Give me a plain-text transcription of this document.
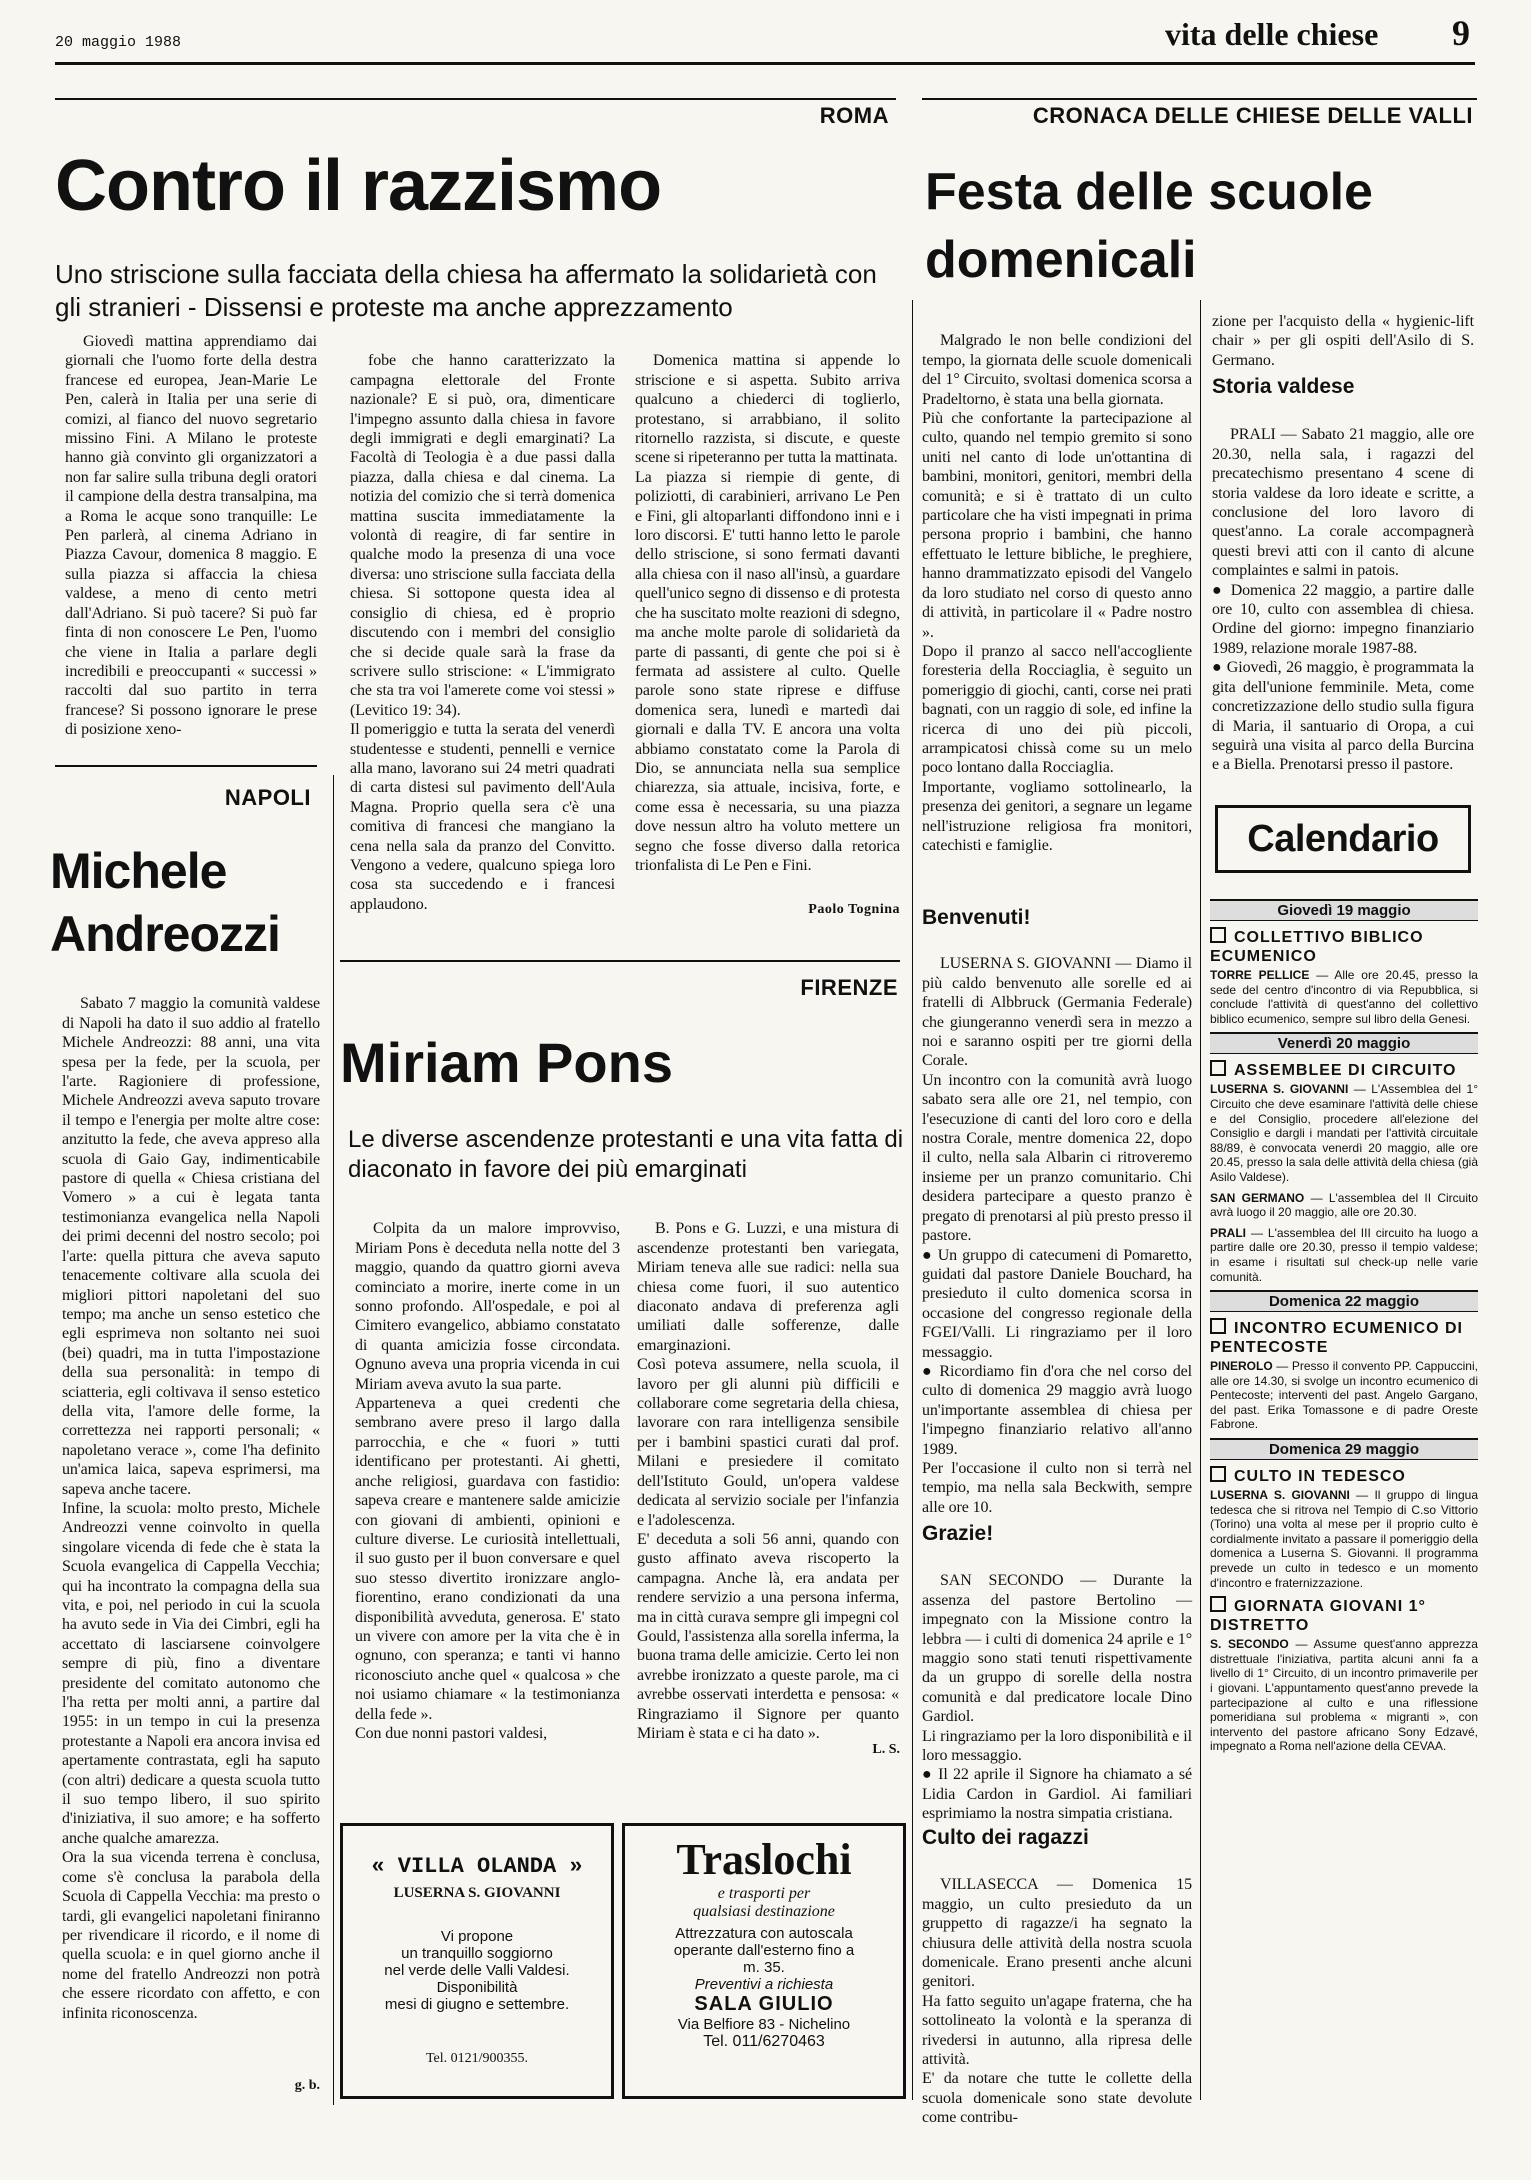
20 maggio 1988	vita delle chiese 9
ROMA
Contro il razzismo
Uno striscione sulla facciata della chiesa ha affermato la solidarietà con gli stranieri - Dissensi e proteste ma anche apprezzamento

Giovedì mattina apprendiamo dai giornali che l'uomo forte della destra francese ed europea, Jean-Marie Le Pen, calerà in Italia per una serie di comizi, al fianco del nuovo segretario missino Fini. A Milano le proteste hanno già convinto gli organizzatori a non far salire sulla tribuna degli oratori il campione della destra transalpina, ma a Roma le acque sono tranquille: Le Pen parlerà, al cinema Adriano in Piazza Cavour, domenica 8 maggio. E sulla piazza si affaccia la chiesa valdese, a meno di cento metri dall'Adriano. Si può tacere? Si può far finta di non conoscere Le Pen, l'uomo che viene in Italia a parlare degli incredibili e preoccupanti « successi » raccolti dal suo partito in terra francese? Si possono ignorare le prese di posizione xeno-

fobe che hanno caratterizzato la campagna elettorale del Fronte nazionale? E si può, ora, dimenticare l'impegno assunto dalla chiesa in favore degli immigrati e degli emarginati? La Facoltà di Teologia è a due passi dalla piazza, dalla chiesa e dal cinema. La notizia del comizio che si terrà domenica mattina suscita immediatamente la volontà di reagire, di far sentire in qualche modo la presenza di una voce diversa: uno striscione sulla facciata della chiesa. Si sottopone questa idea al consiglio di chiesa, ed è proprio discutendo con i membri del consiglio che si decide quale sarà la frase da scrivere sullo striscione: « L'immigrato che sta tra voi l'amerete come voi stessi » (Levitico 19: 34).
Il pomeriggio e tutta la serata del venerdì studentesse e studenti, pennelli e vernice alla mano, lavorano sui 24 metri quadrati di carta distesi sul pavimento dell'Aula Magna. Proprio quella sera c'è una comitiva di francesi che mangiano la cena nella sala da pranzo del Convitto. Vengono a vedere, qualcuno spiega loro cosa sta succedendo e i francesi applaudono.

Domenica mattina si appende lo striscione e si aspetta. Subito arriva qualcuno a chiederci di toglierlo, protestano, si arrabbiano, il solito ritornello razzista, si discute, e queste scene si ripeteranno per tutta la mattinata.
La piazza si riempie di gente, di poliziotti, di carabinieri, arrivano Le Pen e Fini, gli altoparlanti diffondono inni e i loro discorsi. E' tutti hanno letto le parole dello striscione, si sono fermati davanti alla chiesa con il naso all'insù, a guardare quell'unico segno di dissenso e di protesta che ha suscitato molte reazioni di sdegno, ma anche molte parole di solidarietà da parte di passanti, di gente che poi si è fermata ad assistere al culto. Quelle parole sono state riprese e diffuse domenica sera, lunedì e martedì dai giornali e dalla TV. E ancora una volta abbiamo constatato come la Parola di Dio, se annunciata nella sua semplice chiarezza, sia attuale, incisiva, forte, e come essa è necessaria, su una piazza dove nessun altro ha voluto mettere un segno che fosse diverso dalla retorica trionfalista di Le Pen e Fini.

Paolo Tognina
NAPOLI
Michele Andreozzi

Sabato 7 maggio la comunità valdese di Napoli ha dato il suo addio al fratello Michele Andreozzi: 88 anni, una vita spesa per la fede, per la scuola, per l'arte. Ragioniere di professione, Michele Andreozzi aveva saputo trovare il tempo e l'energia per molte altre cose: anzitutto la fede, che aveva appreso alla scuola di Gaio Gay, indimenticabile pastore di quella « Chiesa cristiana del Vomero » a cui è legata tanta testimonianza evangelica nella Napoli dei primi decenni del nostro secolo; poi l'arte: quella pittura che aveva saputo tenacemente coltivare alla scuola dei migliori pittori napoletani del suo tempo; ma anche un senso estetico che egli esprimeva non soltanto nei suoi (bei) quadri, ma in tutta l'impostazione della sua personalità: in tempo di sciatteria, egli coltivava il senso estetico della vita, l'amore delle forme, la correttezza nei rapporti personali; « napoletano verace », come l'ha definito un'amica laica, sapeva esprimersi, ma sapeva anche tacere.
Infine, la scuola: molto presto, Michele Andreozzi venne coinvolto in quella singolare vicenda di fede che è stata la Scuola evangelica di Cappella Vecchia; qui ha incontrato la compagna della sua vita, e poi, nel periodo in cui la scuola ha avuto sede in Via dei Cimbri, egli ha accettato di lasciarsene coinvolgere sempre di più, fino a diventare presidente del comitato autonomo che l'ha retta per molti anni, a partire dal 1955: in un tempo in cui la presenza protestante a Napoli era ancora invisa ed apertamente contrastata, egli ha saputo (con altri) dedicare a questa scuola tutto il suo tempo libero, il suo spirito d'iniziativa, il suo amore; e ha sofferto anche qualche amarezza.
Ora la sua vicenda terrena è conclusa, come s'è conclusa la parabola della Scuola di Cappella Vecchia: ma presto o tardi, gli evangelici napoletani finiranno per rivendicare il ricordo, e il nome di quella scuola: e in quel giorno anche il nome del fratello Andreozzi non potrà che essere ricordato con affetto, e con infinita riconoscenza.

g. b.
FIRENZE
Miriam Pons
Le diverse ascendenze protestanti e una vita fatta di diaconato in favore dei più emarginati

Colpita da un malore improvviso, Miriam Pons è deceduta nella notte del 3 maggio, quando da quattro giorni aveva cominciato a morire, inerte come in un sonno profondo. All'ospedale, e poi al Cimitero evangelico, abbiamo constatato di quanta amicizia fosse circondata. Ognuno aveva una propria vicenda in cui Miriam aveva avuto la sua parte.
Apparteneva a quei credenti che sembrano avere preso il largo dalla parrocchia, e che « fuori » tutti identificano per protestanti. Ai ghetti, anche religiosi, guardava con fastidio: sapeva creare e mantenere salde amicizie con giovani di ambienti, opinioni e culture diverse. Le curiosità intellettuali, il suo gusto per il buon conversare e quel suo stesso divertito ironizzare anglo-fiorentino, erano condizionati da una disponibilità avveduta, generosa. E' stato un vivere con amore per la vita che è in ognuno, con speranza; e tanti vi hanno riconosciuto anche quel « qualcosa » che noi usiamo chiamare « la testimonianza della fede ».
Con due nonni pastori valdesi,

B. Pons e G. Luzzi, e una mistura di ascendenze protestanti ben variegata, Miriam teneva alle sue radici: nella sua chiesa come fuori, il suo autentico diaconato andava di preferenza agli umiliati dalle sofferenze, dalle emarginazioni.
Così poteva assumere, nella scuola, il lavoro per gli alunni più difficili e collaborare come segretaria della chiesa, lavorare con rara intelligenza sensibile per i bambini spastici curati dal prof. Milani e presiedere il comitato dell'Istituto Gould, un'opera valdese dedicata al servizio sociale per l'infanzia e l'adolescenza.
E' deceduta a soli 56 anni, quando con gusto affinato aveva riscoperto la campagna. Anche là, era andata per rendere servizio a una persona inferma, ma in città curava sempre gli impegni col Gould, l'assistenza alla sorella inferma, la buona trama delle amicizie. Certo lei non avrebbe ironizzato a queste parole, ma ci avrebbe osservati interdetta e pensosa: « Ringraziamo il Signore per quanto Miriam è stata e ci ha dato ».

L. S.
« VILLA OLANDA »
LUSERNA S. GIOVANNI
Vi propone
un tranquillo soggiorno
nel verde delle Valli Valdesi.
Disponibilità
mesi di giugno e settembre.
Tel. 0121/900355.
Traslochi
e trasporti per
qualsiasi destinazione
Attrezzatura con autoscala
operante dall'esterno fino a
m. 35.
Preventivi a richiesta
SALA GIULIO
Via Belfiore 83 - Nichelino
Tel. 011/6270463
CRONACA DELLE CHIESE DELLE VALLI
Festa delle scuole domenicali

Malgrado le non belle condizioni del tempo, la giornata delle scuole domenicali del 1° Circuito, svoltasi domenica scorsa a Pradeltorno, è stata una bella giornata.
Più che confortante la partecipazione al culto, quando nel tempio gremito si sono uniti nel canto di lode un'ottantina di bambini, monitori, genitori, membri della comunità; e si è trattato di un culto particolare che ha visti impegnati in prima persona proprio i bambini, che hanno effettuato le letture bibliche, le preghiere, hanno drammatizzato episodi del Vangelo da loro studiato nel corso di questo anno di attività, in particolare il « Padre nostro ».
Dopo il pranzo al sacco nell'accogliente foresteria della Rocciaglia, è seguito un pomeriggio di giochi, canti, corse nei prati bagnati, con un raggio di sole, ed infine la ricerca di uno dei più piccoli, arrampicatosi chissà come su un melo poco lontano dalla Rocciaglia.
Importante, vogliamo sottolinearlo, la presenza dei genitori, a segnare un legame nell'istruzione religiosa fra monitori, catechisti e famiglie.

zione per l'acquisto della « hygienic-lift chair » per gli ospiti dell'Asilo di S. Germano.

Storia valdese

PRALI — Sabato 21 maggio, alle ore 20.30, nella sala, i ragazzi del precatechismo presentano 4 scene di storia valdese da loro ideate e scritte, a conclusione del loro lavoro di quest'anno. La corale accompagnerà questi brevi atti con il canto di alcune complaintes e salmi in patois.
● Domenica 22 maggio, a partire dalle ore 10, culto con assemblea di chiesa. Ordine del giorno: impegno finanziario 1989, relazione morale 1987-88.
● Giovedì, 26 maggio, è programmata la gita dell'unione femminile. Meta, come concretizzazione dello studio sulla figura di Maria, il santuario di Oropa, a cui seguirà una visita al parco della Burcina e a Biella. Prenotarsi presso il pastore.

Calendario
Giovedì 19 maggio
COLLETTIVO BIBLICO ECUMENICO
TORRE PELLICE — Alle ore 20.45, presso la sede del centro d'incontro di via Repubblica, si conclude l'attività di quest'anno del collettivo biblico ecumenico, sempre sul libro della Genesi.
Venerdì 20 maggio
ASSEMBLEE DI CIRCUITO
LUSERNA S. GIOVANNI — L'Assemblea del 1° Circuito che deve esaminare l'attività delle chiese e del Consiglio, procedere all'elezione del Consiglio e dargli i mandati per l'attività circuitale 88/89, è convocata venerdì 20 maggio, alle ore 20.45, presso la sala delle attività della chiesa (già Asilo Valdese).
SAN GERMANO — L'assemblea del II Circuito avrà luogo il 20 maggio, alle ore 20.30.
PRALI — L'assemblea del III circuito ha luogo a partire dalle ore 20.30, presso il tempio valdese; in esame i risultati sul check-up nelle varie comunità.
Domenica 22 maggio
INCONTRO ECUMENICO DI PENTECOSTE
PINEROLO — Presso il convento PP. Cappuccini, alle ore 14.30, si svolge un incontro ecumenico di Pentecoste; interventi del past. Angelo Gargano, del past. Erika Tomassone e di padre Oreste Fabrone.
Domenica 29 maggio
CULTO IN TEDESCO
LUSERNA S. GIOVANNI — Il gruppo di lingua tedesca che si ritrova nel Tempio di C.so Vittorio (Torino) una volta al mese per il proprio culto è cordialmente invitato a passare il pomeriggio della domenica a Luserna S. Giovanni. Il programma prevede un culto in tedesco e un momento d'incontro e fraternizzazione.
GIORNATA GIOVANI 1° DISTRETTO
S. SECONDO — Assume quest'anno apprezza distrettuale l'iniziativa, partita alcuni anni fa a livello di 1° Circuito, di un incontro primaverile per i giovani. L'appuntamento quest'anno prevede la partecipazione al culto e una riflessione pomeridiana sul problema « migranti », con intervento del pastore africano Sony Edzavé, impegnato a Roma nell'azione della CEVAA.
Benvenuti!

LUSERNA S. GIOVANNI — Diamo il più caldo benvenuto alle sorelle ed ai fratelli di Albbruck (Germania Federale) che giungeranno venerdì sera in mezzo a noi e saranno ospiti per tre giorni della Corale.
Un incontro con la comunità avrà luogo sabato sera alle ore 21, nel tempio, con l'esecuzione di canti del loro coro e della nostra Corale, mentre domenica 22, dopo il culto, nella sala Albarin ci ritroveremo insieme per un pranzo comunitario. Chi desidera partecipare a questo pranzo è pregato di prenotarsi al più presto presso il pastore.
● Un gruppo di catecumeni di Pomaretto, guidati dal pastore Daniele Bouchard, ha presieduto il culto domenica scorsa in occasione del congresso regionale della FGEI/Valli. Li ringraziamo per il loro messaggio.
● Ricordiamo fin d'ora che nel corso del culto di domenica 29 maggio avrà luogo un'importante assemblea di chiesa per l'impegno finanziario relativo all'anno 1989.
Per l'occasione il culto non si terrà nel tempio, ma nella sala Beckwith, sempre alle ore 10.

Grazie!

SAN SECONDO — Durante la assenza del pastore Bertolino — impegnato con la Missione contro la lebbra — i culti di domenica 24 aprile e 1° maggio sono stati tenuti rispettivamente da un gruppo di sorelle della nostra comunità e dal predicatore locale Dino Gardiol.
Li ringraziamo per la loro disponibilità e il loro messaggio.
● Il 22 aprile il Signore ha chiamato a sé Lidia Cardon in Gardiol. Ai familiari esprimiamo la nostra simpatia cristiana.

Culto dei ragazzi

VILLASECCA — Domenica 15 maggio, un culto presieduto da un gruppetto di ragazze/i ha segnato la chiusura delle attività della nostra scuola domenicale. Erano presenti anche alcuni genitori.
Ha fatto seguito un'agape fraterna, che ha sottolineato la volontà e la speranza di rivedersi in autunno, alla ripresa delle attività.
E' da notare che tutte le collette della scuola domenicale sono state devolute come contribu-
